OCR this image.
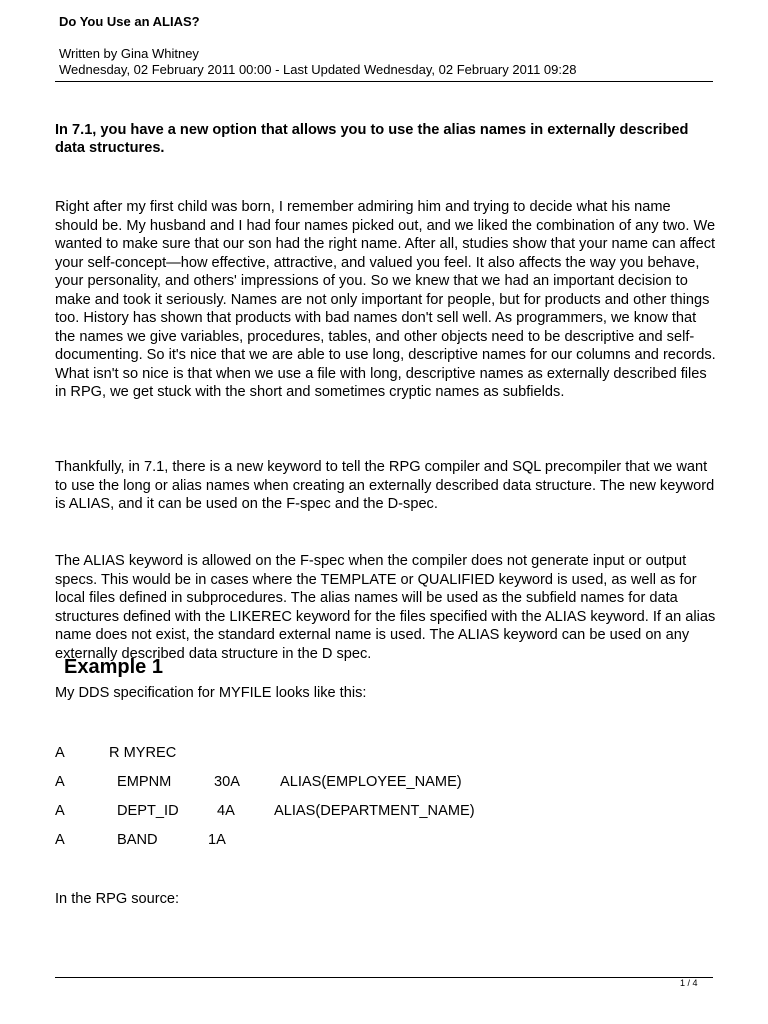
Do You Use an ALIAS?
Written by Gina Whitney
Wednesday, 02 February 2011 00:00 - Last Updated Wednesday, 02 February 2011 09:28
In 7.1, you have a new option that allows you to use the alias names in externally described data structures.
Right after my first child was born, I remember admiring him and trying to decide what his name should be. My husband and I had four names picked out, and we liked the combination of any two. We wanted to make sure that our son had the right name. After all, studies show that your name can affect your self-concept—how effective, attractive, and valued you feel. It also affects the way you behave, your personality, and others' impressions of you. So we knew that we had an important decision to make and took it seriously. Names are not only important for people, but for products and other things too. History has shown that products with bad names don't sell well. As programmers, we know that the names we give variables, procedures, tables, and other objects need to be descriptive and self-documenting. So it's nice that we are able to use long, descriptive names for our columns and records. What isn't so nice is that when we use a file with long, descriptive names as externally described files in RPG, we get stuck with the short and sometimes cryptic names as subfields.
Thankfully, in 7.1, there is a new keyword to tell the RPG compiler and SQL precompiler that we want to use the long or alias names when creating an externally described data structure. The new keyword is ALIAS, and it can be used on the F-spec and the D-spec.
The ALIAS keyword is allowed on the F-spec when the compiler does not generate input or output specs. This would be in cases where the TEMPLATE or QUALIFIED keyword is used, as well as for local files defined in subprocedures. The alias names will be used as the subfield names for data structures defined with the LIKEREC keyword for the files specified with the ALIAS keyword. If an alias name does not exist, the standard external name is used. The ALIAS keyword can be used on any externally described data structure in the D spec.
Example 1
My DDS specification for MYFILE looks like this:
A	R MYREC
A	EMPNM	30A	ALIAS(EMPLOYEE_NAME)
A	DEPT_ID	4A	ALIAS(DEPARTMENT_NAME)
A	BAND	1A
In the RPG source:
1 / 4
